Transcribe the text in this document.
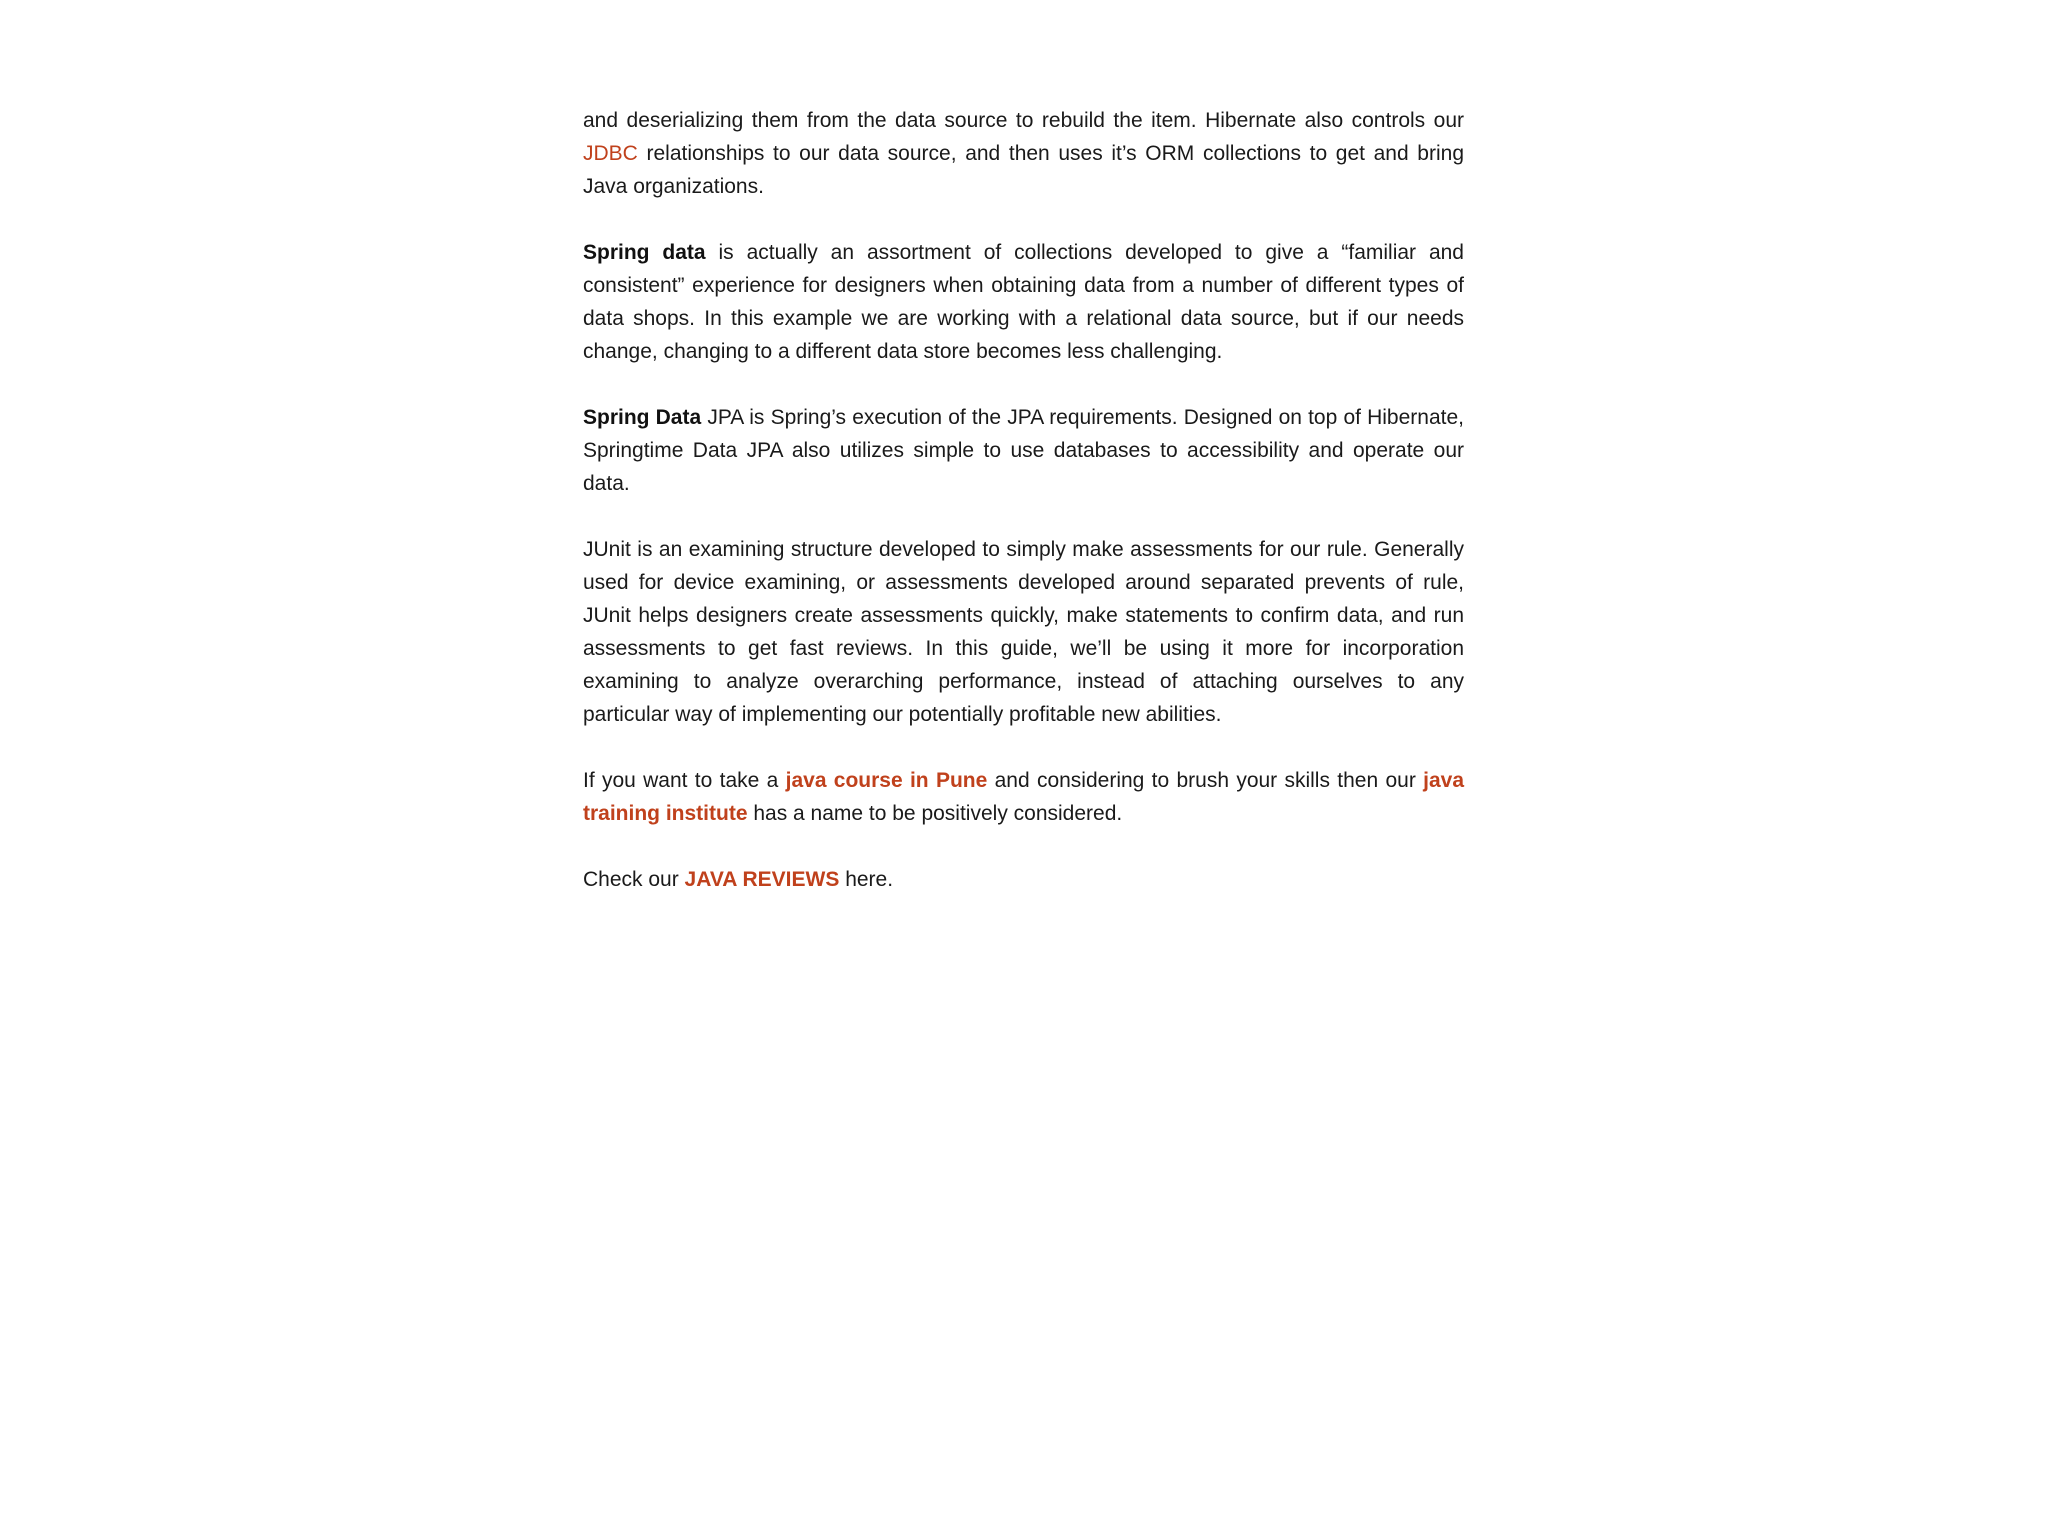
and deserializing them from the data source to rebuild the item. Hibernate also controls our JDBC relationships to our data source, and then uses it’s ORM collections to get and bring Java organizations.

Spring data is actually an assortment of collections developed to give a “familiar and consistent” experience for designers when obtaining data from a number of different types of data shops. In this example we are working with a relational data source, but if our needs change, changing to a different data store becomes less challenging.

Spring Data JPA is Spring’s execution of the JPA requirements. Designed on top of Hibernate, Springtime Data JPA also utilizes simple to use databases to accessibility and operate our data.

JUnit is an examining structure developed to simply make assessments for our rule. Generally used for device examining, or assessments developed around separated prevents of rule, JUnit helps designers create assessments quickly, make statements to confirm data, and run assessments to get fast reviews. In this guide, we’ll be using it more for incorporation examining to analyze overarching performance, instead of attaching ourselves to any particular way of implementing our potentially profitable new abilities.

If you want to take a java course in Pune and considering to brush your skills then our java training institute has a name to be positively considered.

Check our JAVA REVIEWS here.
